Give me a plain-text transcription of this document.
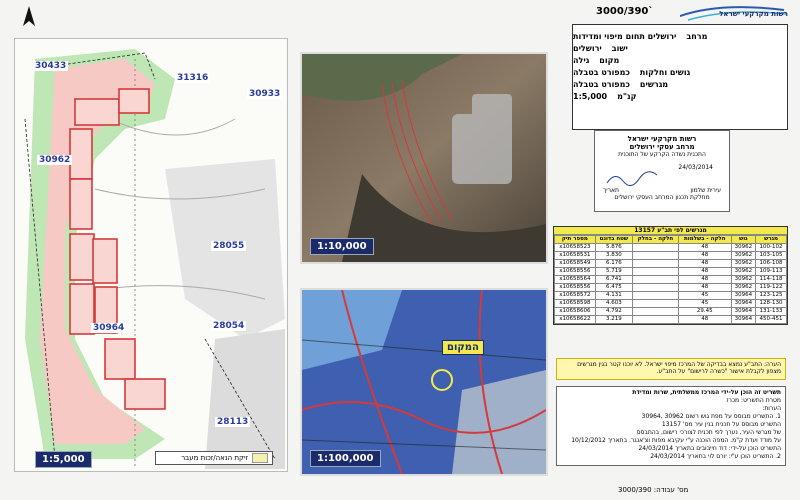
רשות מקרקעי ישראל
3000/390`
30433
31316
30933
30962
28055
28054
30964
28113
1:5,000	זיקת הנאה/זכות מעבר
1:10,000
המקום
1:100,000
מרחב
ירושלים תחום מיפוי ומדידות
ישוב
ירושלים
מקום
גילה
גושים וחלקות
כמפורט בטבלה
מגרשים
כמפורט בטבלה
קנ"מ
1:5,000
רשות מקרקעי ישראל
מרחב עסקי ירושלים
התכנית נשדה הקרקע של התוכנית
24/03/2014
תאריך	עירית שלמון
מחלקת תכנון המרחב העסקי ירושלים
מגרשים לפי תב"ע 13157
מספר תיק	שטח בדונם	חלקה - בחלק	חלקה - בשלמות	גוש	מגרש
x10658523	5.876		48	30962	100-102
x10658531	3.830		48	30962	103-105
x10658549	6.176		48	30962	106-108
x10658556	5.719		48	30962	109-113
x10658564	6.741		48	30962	114-118
x10658556	6.475		48	30962	119-122
x10658572	4.131		45	30964	123-125
x10658598	4.603		45	30964	128-130
x10658606	4.792		29.45	30964	131-133
x10658622	3.219		48	30964	450-451
הערה: התב"ע נמצא בבדיקה של המרכז מיפוי ישראל. לא יוכנו קטר בגין מגרשים מצפון לקבלת אישור "כשרה לרישום" על התב"ע.
תשריט זה הוכן על-ידי המרכז ממשלתית, שרות ומדידת
מטרת התשריט: מכרז
הערות:
1. התשריט מבוסס על מפת גוש רשום 30962 ,30964
התשריט מבוסס על תכנית בנין עיר מס' 13157
של מגרשי העיר, נערך לפי תכנית לצורכי רישום, בהתבסס
על מודד ועדת ק"מ. המפה הוכנה ע"י עקיבא מפות וצ'אנגר. בתאריך 10/12/2012
התשריט הוכן על-ידי: דוד חייבובים בתאריך 24/03/2014
2. התשריט הוכן ע"י: יורם לוי בתאריך 24/03/2014
3000/390 :מס' עבודה
